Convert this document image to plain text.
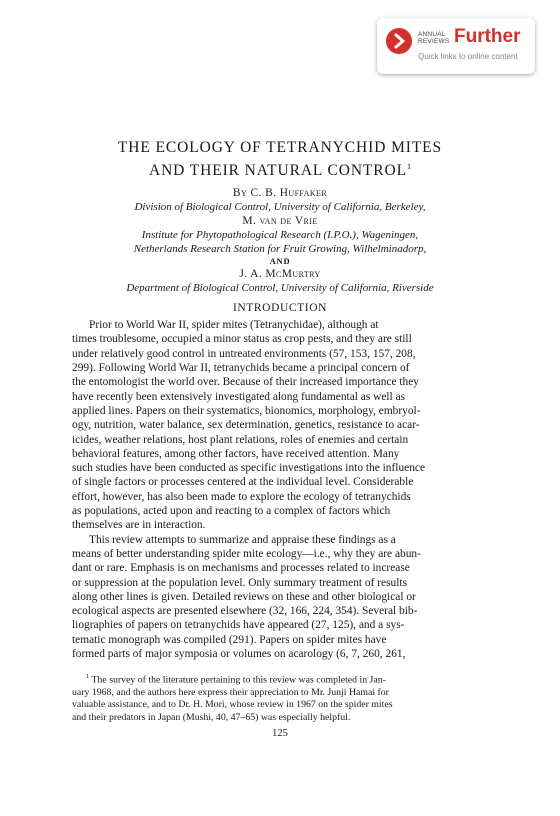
ANNUAL
REVIEWS Further
Quick links to online content
THE ECOLOGY OF TETRANYCHID MITES
AND THEIR NATURAL CONTROL$^1$
By C. B. Huffaker
Division of Biological Control, University of California, Berkeley,
M. van de Vrie
Institute for Phytopathological Research (I.P.O.), Wageningen,
Netherlands Research Station for Fruit Growing, Wilhelminadorp,
AND
J. A. McMurtry
Department of Biological Control, University of California, Riverside
INTRODUCTION

Prior to World War II, spider mites (Tetranychidae), although at
times troublesome, occupied a minor status as crop pests, and they are still
under relatively good control in untreated environments (57, 153, 157, 208,
299). Following World War II, tetranychids became a principal concern of
the entomologist the world over. Because of their increased importance they
have recently been extensively investigated along fundamental as well as
applied lines. Papers on their systematics, bionomics, morphology, embryol-
ogy, nutrition, water balance, sex determination, genetics, resistance to acar-
icides, weather relations, host plant relations, roles of enemies and certain
behavioral features, among other factors, have received attention. Many
such studies have been conducted as specific investigations into the influence
of single factors or processes centered at the individual level. Considerable
effort, however, has also been made to explore the ecology of tetranychids
as populations, acted upon and reacting to a complex of factors which
themselves are in interaction.

This review attempts to summarize and appraise these findings as a
means of better understanding spider mite ecology—i.e., why they are abun-
dant or rare. Emphasis is on mechanisms and processes related to increase
or suppression at the population level. Only summary treatment of results
along other lines is given. Detailed reviews on these and other biological or
ecological aspects are presented elsewhere (32, 166, 224, 354). Several bib-
liographies of papers on tetranychids have appeared (27, 125), and a sys-
tematic monograph was compiled (291). Papers on spider mites have
formed parts of major symposia or volumes on acarology (6, 7, 260, 261,

$^1$ The survey of the literature pertaining to this review was completed in Jan-
uary 1968, and the authors here express their appreciation to Mr. Junji Hamai for
valuable assistance, and to Dr. H. Mori, whose review in 1967 on the spider mites
and their predators in Japan (Mushi, 40, 47–65) was especially helpful.
125
